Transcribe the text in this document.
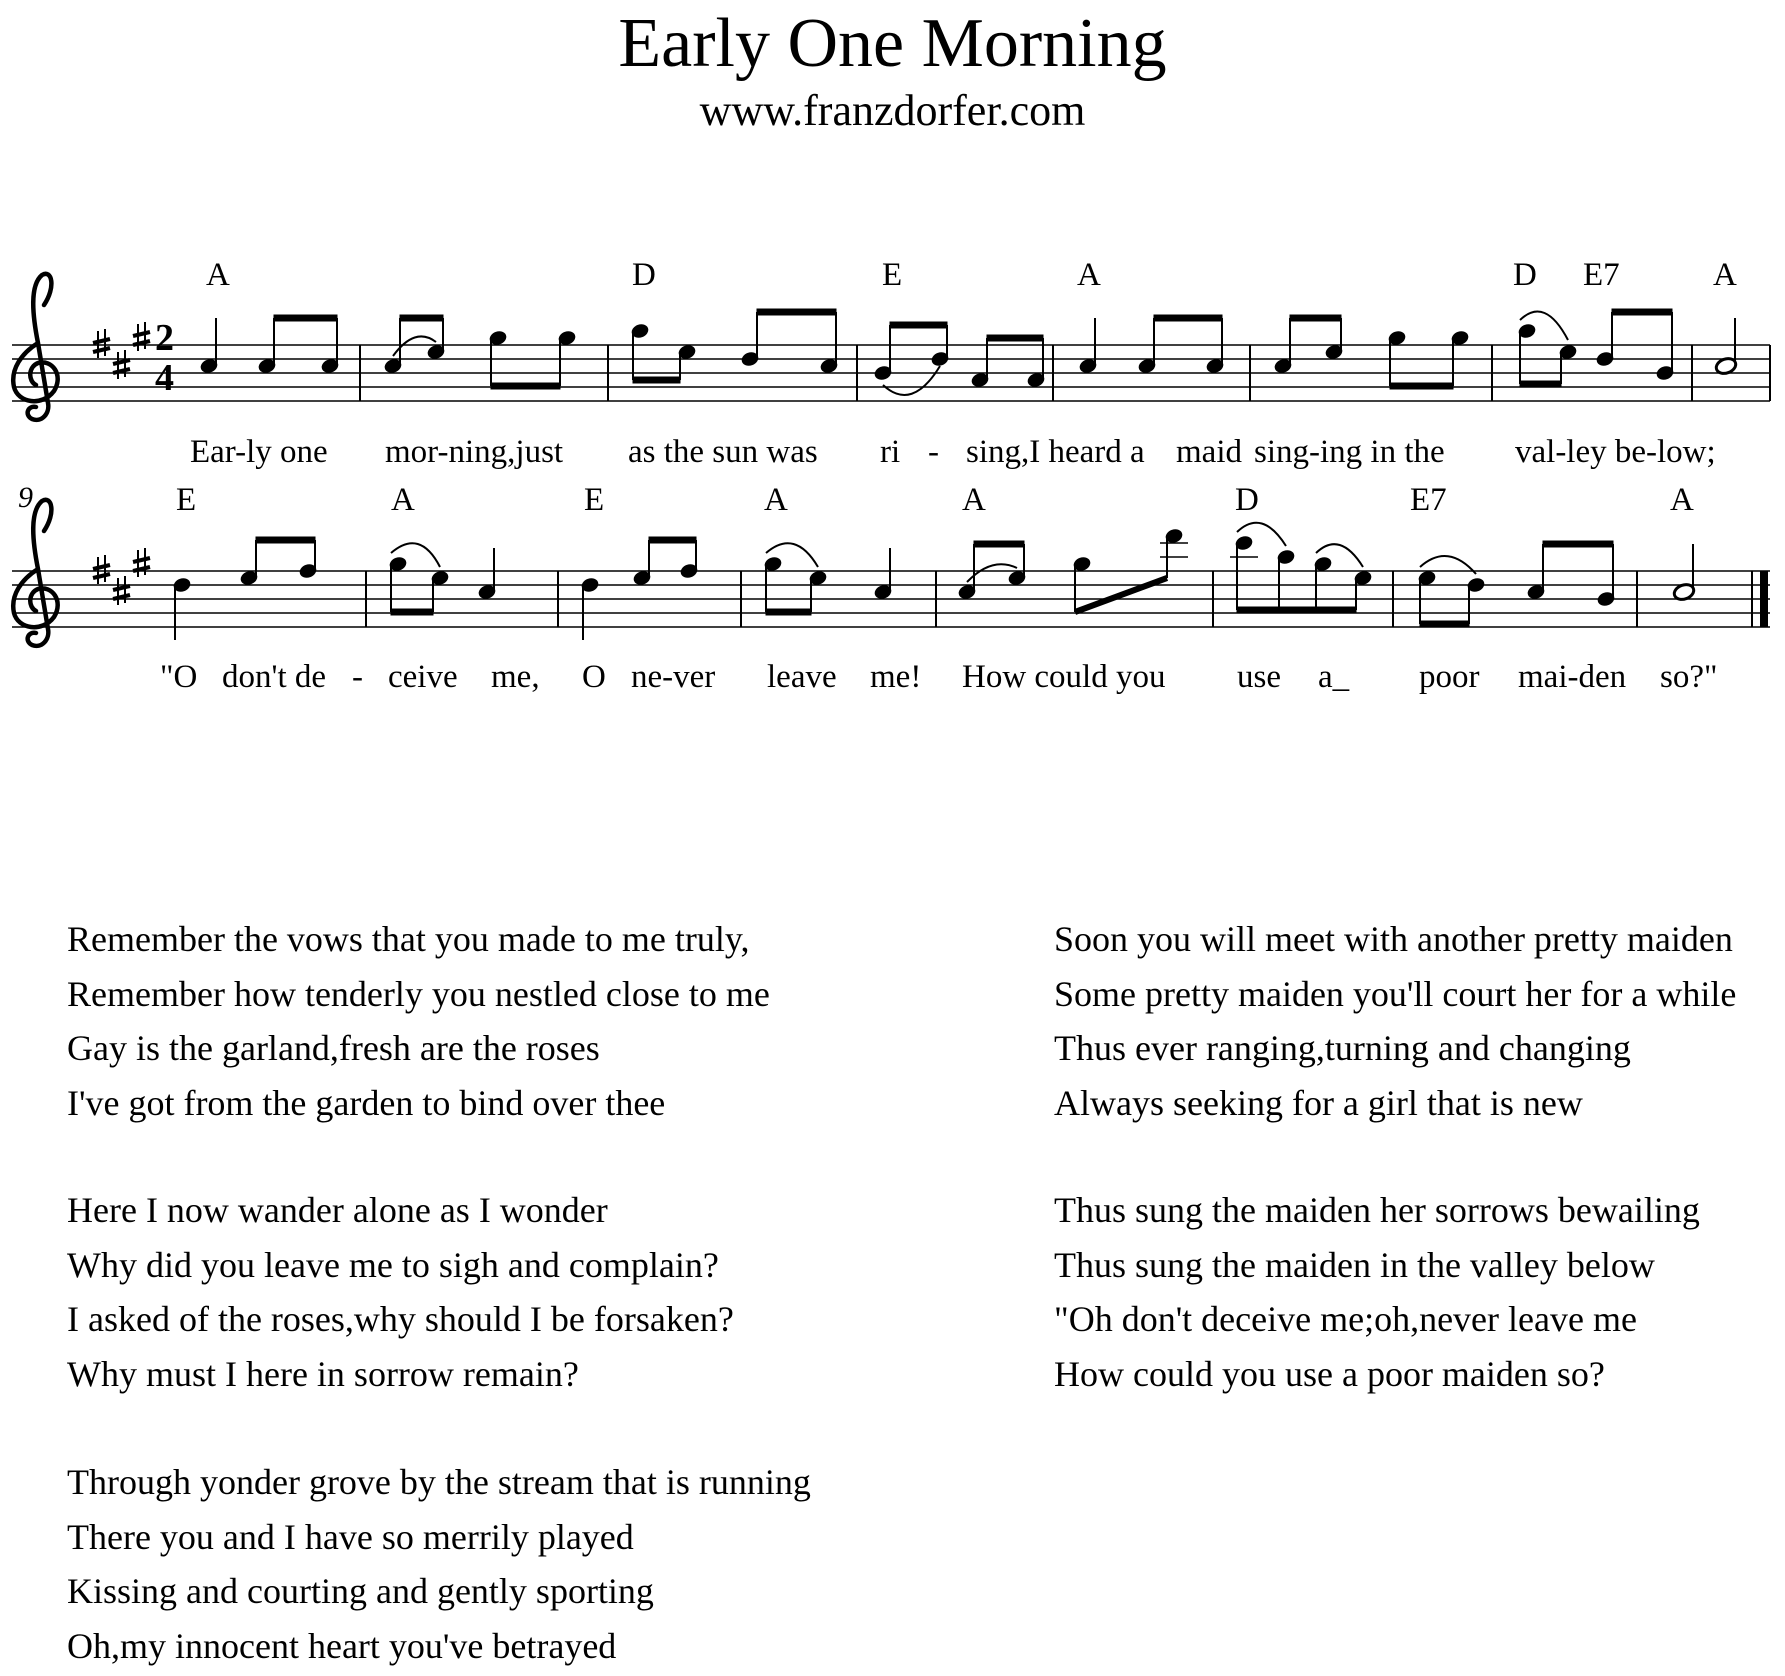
Early One Morning
www.franzdorfer.com
2
4
A	D	E	A	D E7	A
Ear-ly one mor-ning,just as the sun was ri - sing,I heard a maid sing-ing in the val-ley be-low;
9	E	A	E	A	A	D	E7	A
"O don't de - ceive me, O ne-ver leave me! How could you use a_ poor mai-den so?"
Remember the vows that you made to me truly,
Remember how tenderly you nestled close to me
Gay is the garland,fresh are the roses
I've got from the garden to bind over thee
Here I now wander alone as I wonder
Why did you leave me to sigh and complain?
I asked of the roses,why should I be forsaken?
Why must I here in sorrow remain?
Through yonder grove by the stream that is running
There you and I have so merrily played
Kissing and courting and gently sporting
Oh,my innocent heart you've betrayed
Soon you will meet with another pretty maiden
Some pretty maiden you'll court her for a while
Thus ever ranging,turning and changing
Always seeking for a girl that is new
Thus sung the maiden her sorrows bewailing
Thus sung the maiden in the valley below
"Oh don't deceive me;oh,never leave me
How could you use a poor maiden so?
